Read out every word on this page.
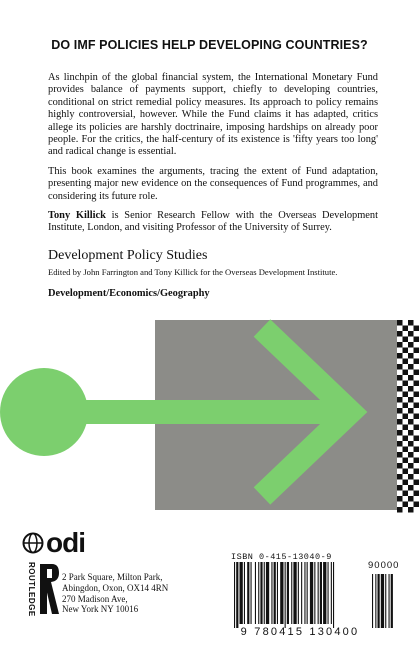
DO IMF POLICIES HELP DEVELOPING COUNTRIES?

As linchpin of the global financial system, the International Monetary Fund provides balance of payments support, chiefly to developing countries, conditional on strict remedial policy measures. Its approach to policy remains highly controversial, however. While the Fund claims it has adapted, critics allege its policies are harshly doctrinaire, imposing hardships on already poor people. For the critics, the half-century of its existence is 'fifty years too long' and radical change is essential.

This book examines the arguments, tracing the extent of Fund adaptation, presenting major new evidence on the consequences of Fund programmes, and considering its future role.

Tony Killick is Senior Research Fellow with the Overseas Development Institute, London, and visiting Professor of the University of Surrey.

Development Policy Studies
Edited by John Farrington and Tony Killick for the Overseas Development Institute.
Development/Economics/Geography
odi
ROUTLEDGE	2 Park Square, Milton Park,
Abingdon, Oxon, OX14 4RN
270 Madison Ave,
New York NY 10016
ISBN 0-415-13040-9
9 780415 130400
90000
